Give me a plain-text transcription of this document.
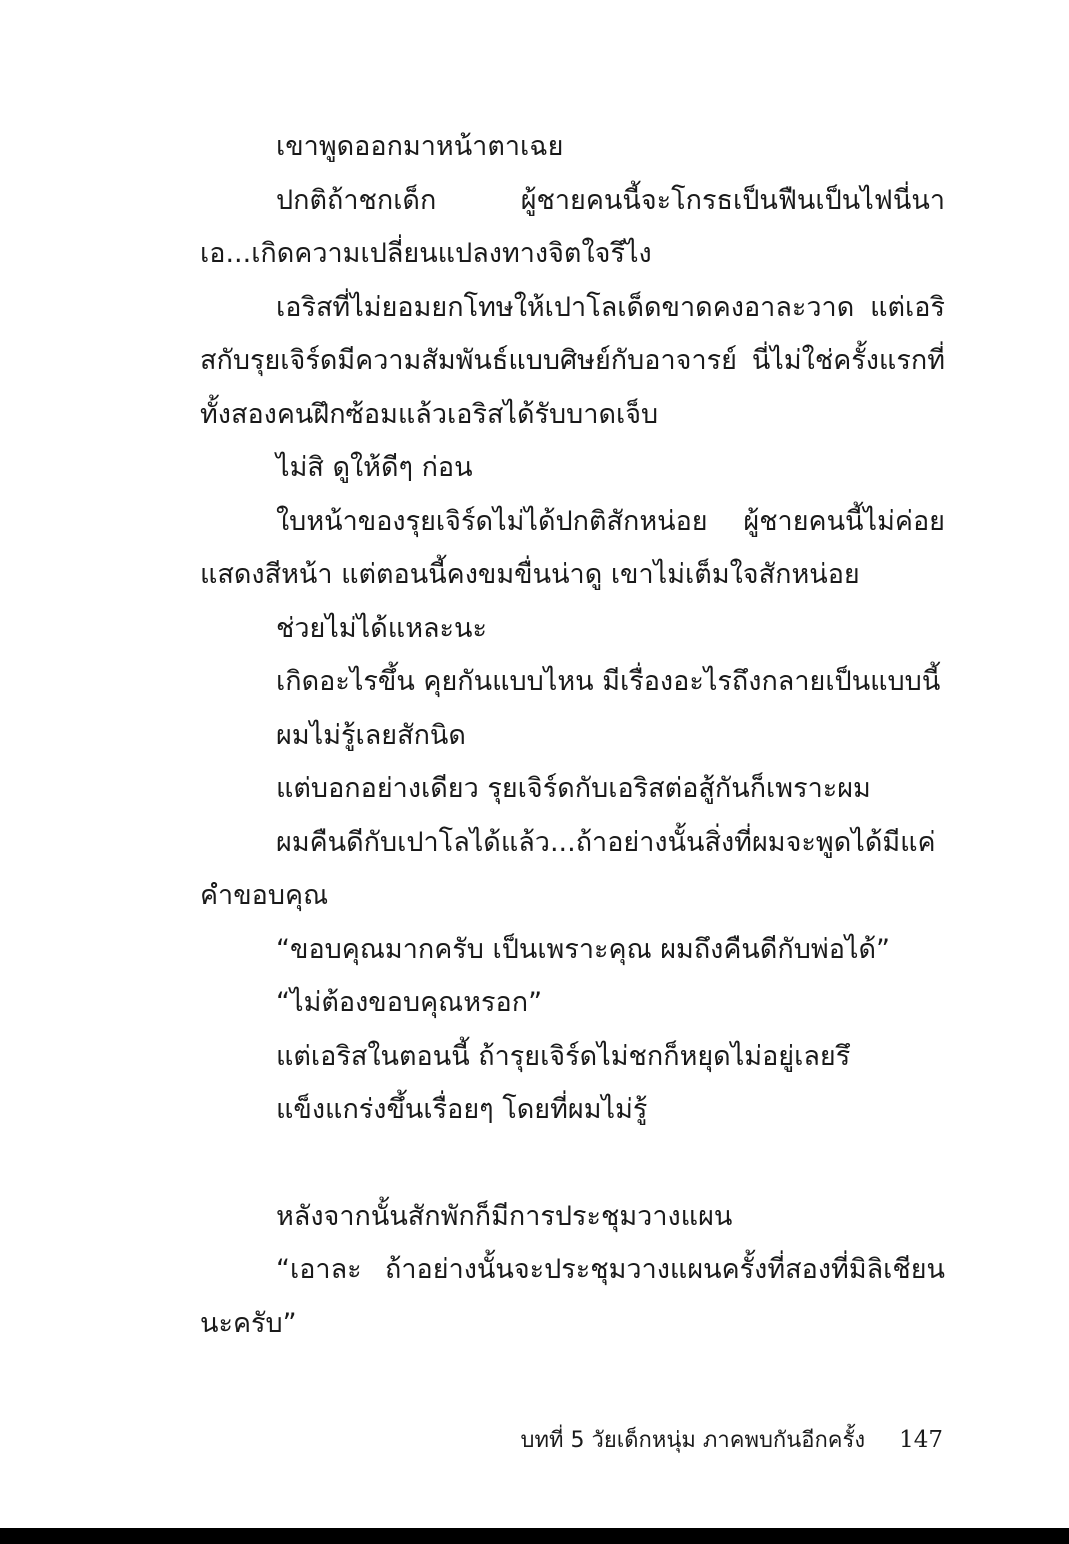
เขาพูดออกมาหน้าตาเฉย

ปกติถ้าชกเด็ก ผู้ชายคนนี้จะโกรธเป็นฟืนเป็นไฟนี่นา เอ...เกิดความเปลี่ยนแปลงทางจิตใจรึไง

เอริสที่ไม่ยอมยกโทษให้เปาโลเด็ดขาดคงอาละวาด แต่เอริสกับรุยเจิร์ดมีความสัมพันธ์แบบศิษย์กับอาจารย์ นี่ไม่ใช่ครั้งแรกที่ทั้งสองคนฝึกซ้อมแล้วเอริสได้รับบาดเจ็บ

ไม่สิ ดูให้ดีๆ ก่อน

ใบหน้าของรุยเจิร์ดไม่ได้ปกติสักหน่อย ผู้ชายคนนี้ไม่ค่อยแสดงสีหน้า แต่ตอนนี้คงขมขื่นน่าดู เขาไม่เต็มใจสักหน่อย

ช่วยไม่ได้แหละนะ

เกิดอะไรขึ้น คุยกันแบบไหน มีเรื่องอะไรถึงกลายเป็นแบบนี้

ผมไม่รู้เลยสักนิด

แต่บอกอย่างเดียว รุยเจิร์ดกับเอริสต่อสู้กันก็เพราะผม

ผมคืนดีกับเปาโลได้แล้ว...ถ้าอย่างนั้นสิ่งที่ผมจะพูดได้มีแค่คำขอบคุณ

“ขอบคุณมากครับ เป็นเพราะคุณ ผมถึงคืนดีกับพ่อได้”

“ไม่ต้องขอบคุณหรอก”

แต่เอริสในตอนนี้ ถ้ารุยเจิร์ดไม่ชกก็หยุดไม่อยู่เลยรึ

แข็งแกร่งขึ้นเรื่อยๆ โดยที่ผมไม่รู้

หลังจากนั้นสักพักก็มีการประชุมวางแผน

“เอาละ ถ้าอย่างนั้นจะประชุมวางแผนครั้งที่สองที่มิลิเชียนนะครับ”

บทที่ 5 วัยเด็กหนุ่ม ภาคพบกันอีกครั้ง 147
